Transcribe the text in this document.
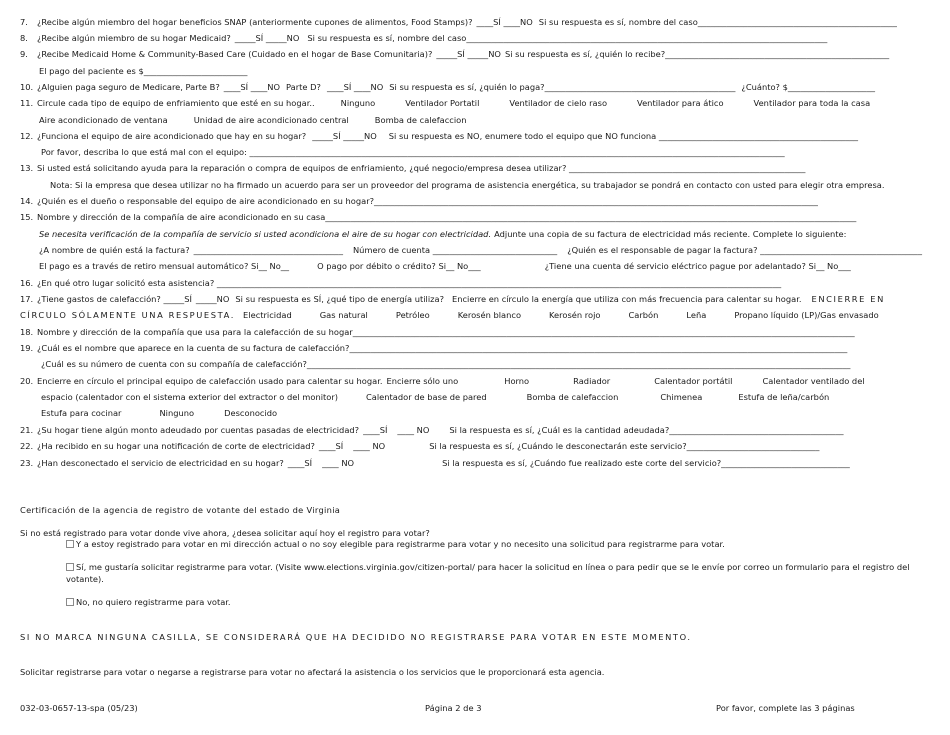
7. ¿Recibe algún miembro del hogar beneficios SNAP (anteriormente cupones de alimentos, Food Stamps)? ____SÍ ____NO Si su respuesta es sí, nombre del caso________________________________________________
8. ¿Recibe algún miembro de su hogar Medicaid? _____SÍ _____NO Si su respuesta es sí, nombre del caso_______________________________________________________________________________________
9. ¿Recibe Medicaid Home & Community-Based Care (Cuidado en el hogar de Base Comunitaria)? _____SÍ _____NO Si su respuesta es sí, ¿quién lo recibe?______________________________________________________
El pago del paciente es $_________________________
10. ¿Alguien paga seguro de Medicare, Parte B? ____SÍ ____NO Parte D? ____SÍ ____NO Si su respuesta es sí, ¿quién lo paga?______________________________________________ ¿Cuánto? $_____________________
11. Circule cada tipo de equipo de enfriamiento que esté en su hogar..	Ninguno	Ventilador Portatil	Ventilador de cielo raso	Ventilador para ático	Ventilador para toda la casa
Aire acondicionado de ventana	Unidad de aire acondicionado central	Bomba de calefaccion
12. ¿Funciona el equipo de aire acondicionado que hay en su hogar? _____SÍ _____NO Si su respuesta es NO, enumere todo el equipo que NO funciona ________________________________________________
Por favor, describa lo que está mal con el equipo: _________________________________________________________________________________________________________________________________
13. Si usted está solicitando ayuda para la reparación o compra de equipos de enfriamiento, ¿qué negocio/empresa desea utilizar? _________________________________________________________
Nota: Si la empresa que desea utilizar no ha firmado un acuerdo para ser un proveedor del programa de asistencia energética, su trabajador se pondrá en contacto con usted para elegir otra empresa.
14. ¿Quién es el dueño o responsable del equipo de aire acondicionado en su hogar?___________________________________________________________________________________________________________
15. Nombre y dirección de la compañía de aire acondicionado en su casa________________________________________________________________________________________________________________________________
Se necesita verificación de la compañía de servicio si usted acondiciona el aire de su hogar con electricidad. Adjunte una copia de su factura de electricidad más reciente. Complete lo siguiente:
¿A nombre de quién está la factura? ____________________________________ Número de cuenta ______________________________ ¿Quién es el responsable de pagar la factura? _______________________________________
El pago es a través de retiro mensual automático? Si__ No__	O pago por débito o crédito? Si__ No___	¿Tiene una cuenta dé servicio eléctrico pague por adelantado? Si__ No___
16. ¿En qué otro lugar solicitó esta asistencia? ________________________________________________________________________________________________________________________________________
17. ¿Tiene gastos de calefacción? _____SÍ _____NO Si su respuesta es SÍ, ¿qué tipo de energía utiliza? Encierre en círculo la energía que utiliza con más frecuencia para calentar su hogar. ENCIERRE EN
CÍRCULO SÓLAMENTE UNA RESPUESTA. Electricidad	Gas natural	Petróleo	Kerosén blanco	Kerosén rojo	Carbón	Leña	Propano líquido (LP)/Gas envasado
18. Nombre y dirección de la compañía que usa para la calefacción de su hogar_________________________________________________________________________________________________________________________
19. ¿Cuál es el nombre que aparece en la cuenta de su factura de calefacción?________________________________________________________________________________________________________________________
¿Cuál es su número de cuenta con su compañía de calefacción?___________________________________________________________________________________________________________________________________
20. Encierre en círculo el principal equipo de calefacción usado para calentar su hogar. Encierre sólo uno	Horno	Radiador	Calentador portátil	Calentador ventilado del
espacio (calentador con el sistema exterior del extractor o del monitor)	Calentador de base de pared	Bomba de calefaccion	Chimenea	Estufa de leña/carbón
Estufa para cocinar	Ninguno	Desconocido
21. ¿Su hogar tiene algún monto adeudado por cuentas pasadas de electricidad? ____SÍ ____ NO Si la respuesta es sí, ¿Cuál es la cantidad adeudada?__________________________________________
22. ¿Ha recibido en su hogar una notificación de corte de electricidad? ____SÍ ____ NO	Si la respuesta es sí, ¿Cuándo le desconectarán este servicio?________________________________
23. ¿Han desconectado el servicio de electricidad en su hogar? ____SÍ ____ NO	Si la respuesta es sí, ¿Cuándo fue realizado este corte del servicio?_______________________________
Certificación de la agencia de registro de votante del estado de Virginia
Si no está registrado para votar donde vive ahora, ¿desea solicitar aquí hoy el registro para votar?
Y a estoy registrado para votar en mi dirección actual o no soy elegible para registrarme para votar y no necesito una solicitud para registrarme para votar.
Sí, me gustaría solicitar registrarme para votar. (Visite www.elections.virginia.gov/citizen-portal/ para hacer la solicitud en línea o para pedir que se le envíe por correo un formulario para el registro del
votante).
No, no quiero registrarme para votar.
SI NO MARCA NINGUNA CASILLA, SE CONSIDERARÁ QUE HA DECIDIDO NO REGISTRARSE PARA VOTAR EN ESTE MOMENTO.
Solicitar registrarse para votar o negarse a registrarse para votar no afectará la asistencia o los servicios que le proporcionará esta agencia.
032-03-0657-13-spa (05/23)	Página 2 de 3	Por favor, complete las 3 páginas
